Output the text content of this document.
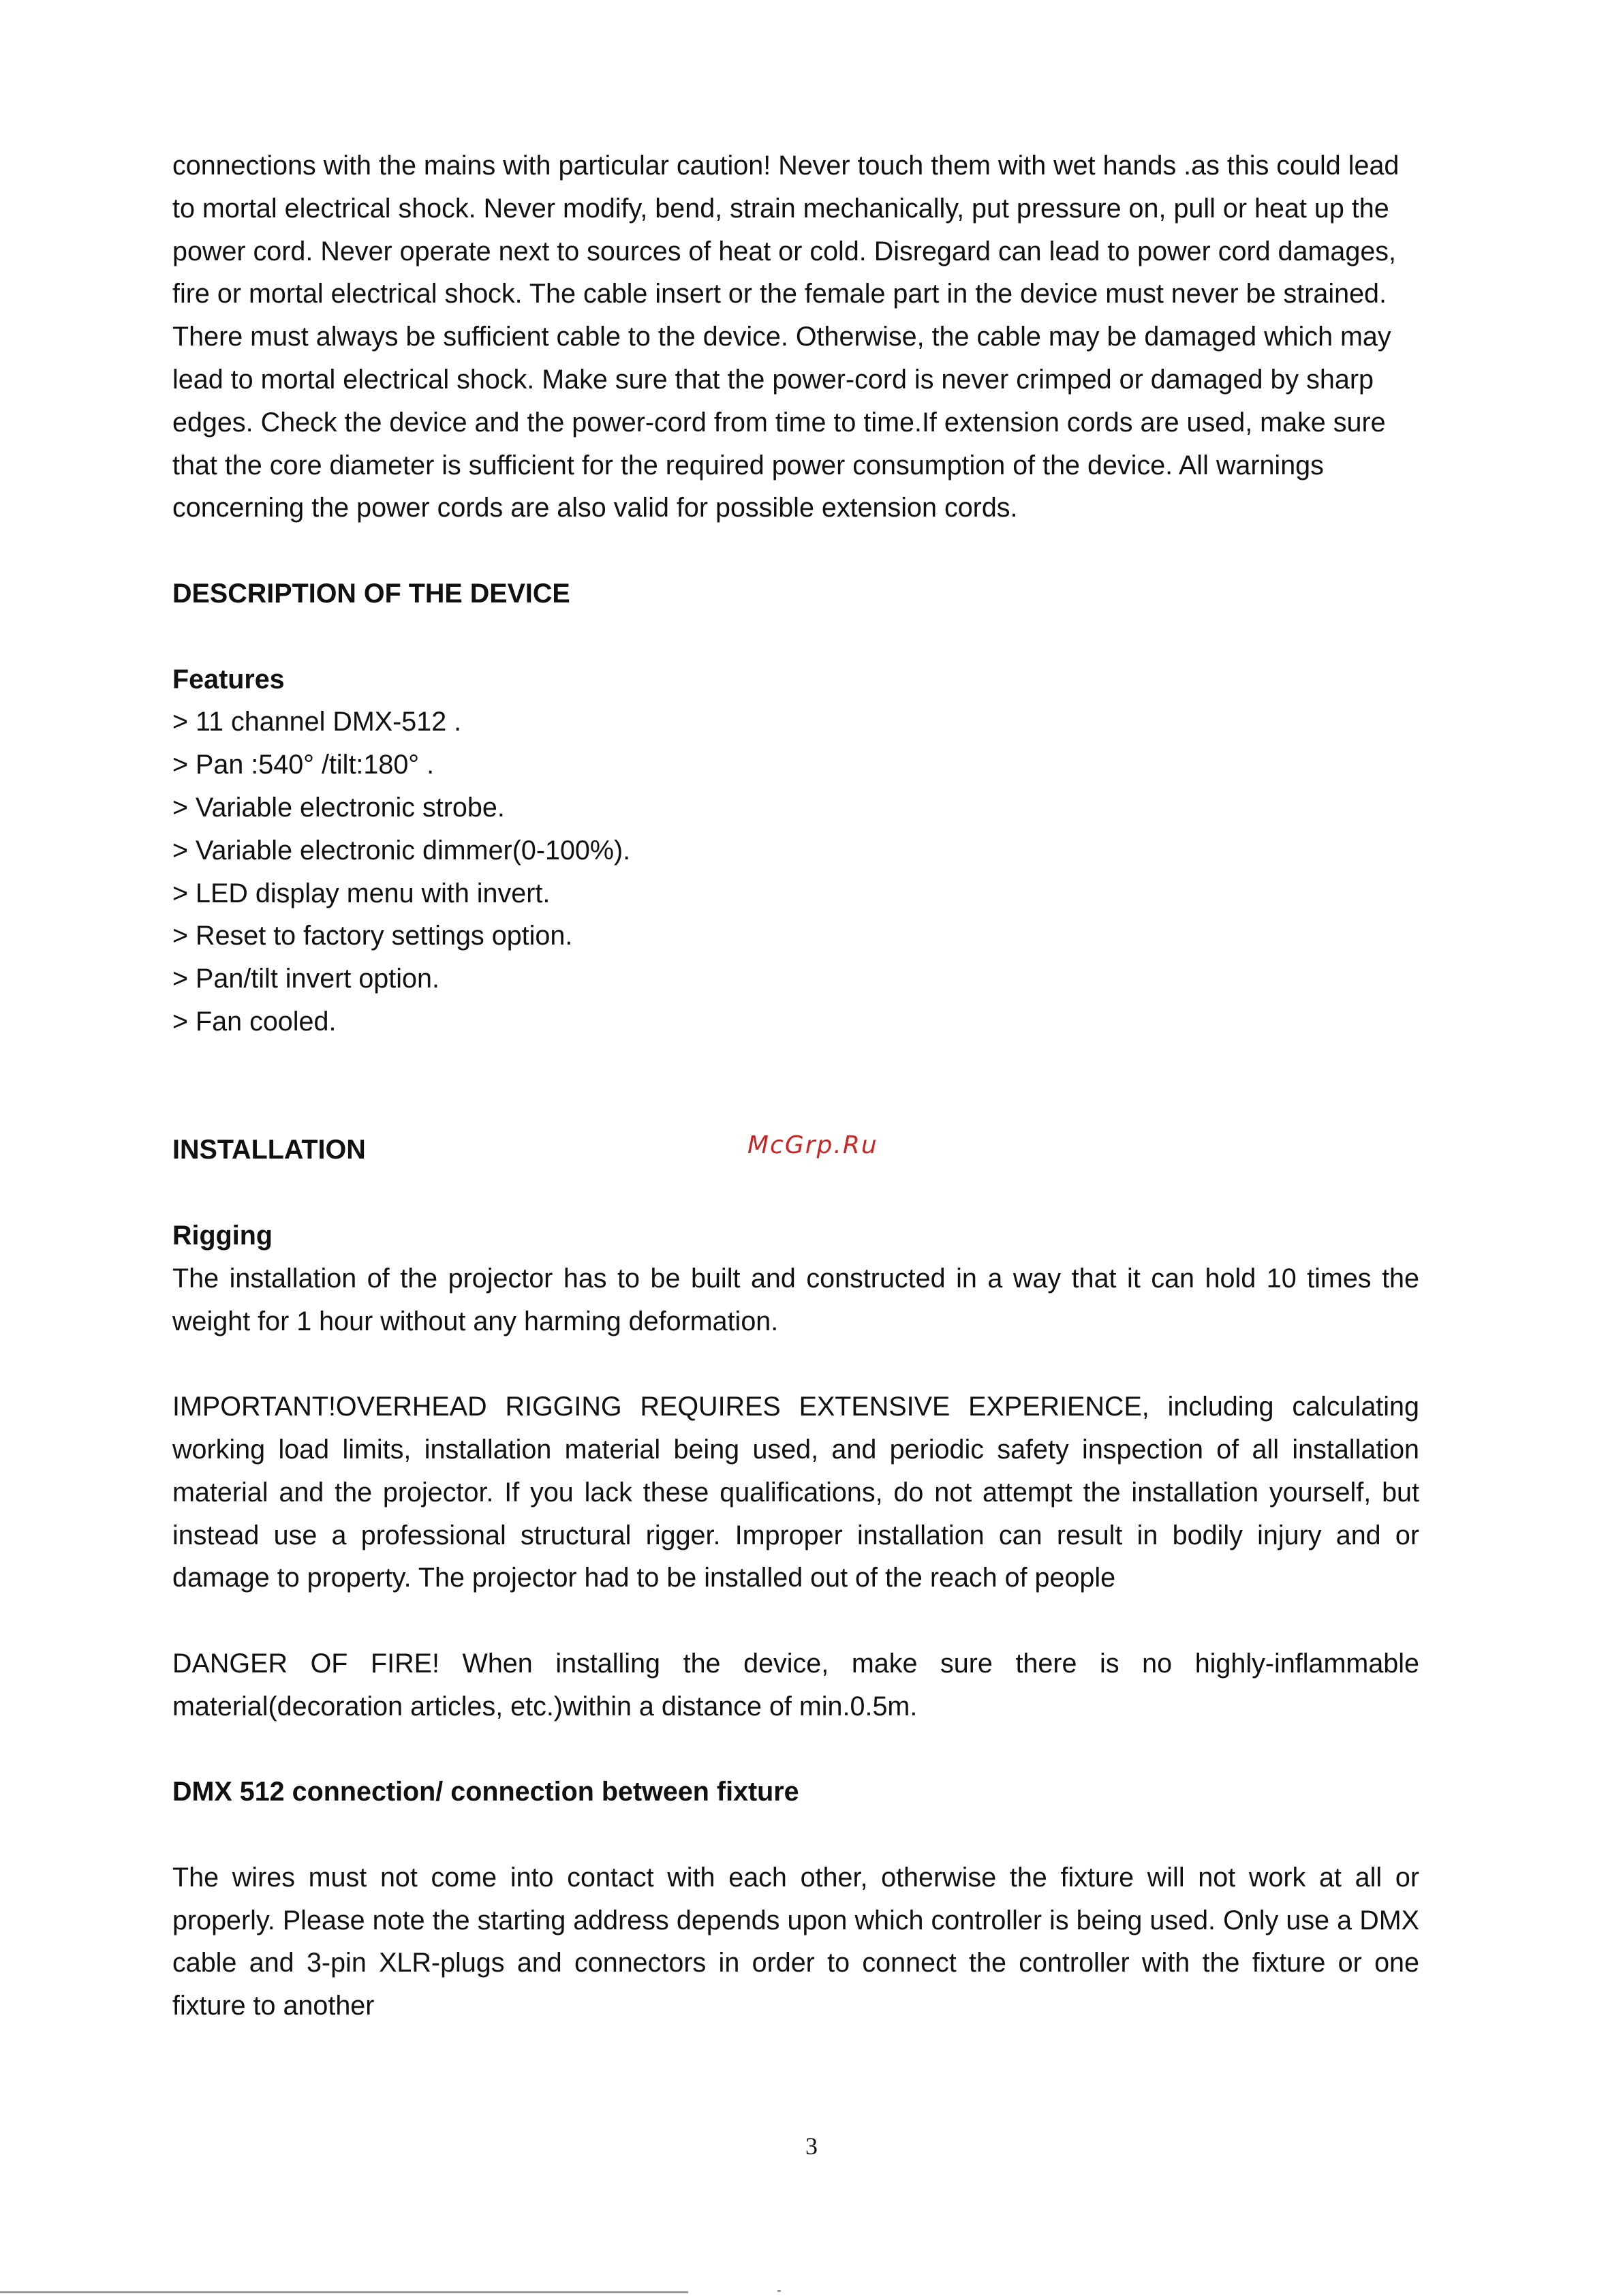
connections with the mains with particular caution! Never touch them with wet hands .as this could lead

to mortal electrical shock. Never modify, bend, strain mechanically, put pressure on, pull or heat up the

power cord. Never operate next to sources of heat or cold. Disregard can lead to power cord damages,

fire or mortal electrical shock. The cable insert or the female part in the device must never be strained.

There must always be sufficient cable to the device. Otherwise, the cable may be damaged which may

lead to mortal electrical shock. Make sure that the power-cord is never crimped or damaged by sharp

edges. Check the device and the power-cord from time to time.If extension cords are used, make sure

that the core diameter is sufficient for the required power consumption of the device. All warnings

concerning the power cords are also valid for possible extension cords.

DESCRIPTION OF THE DEVICE

Features

> 11 channel DMX-512 .
> Pan :540° /tilt:180° .
> Variable electronic strobe.
> Variable electronic dimmer(0-100%).
> LED display menu with invert.
> Reset to factory settings option.
> Pan/tilt invert option.
> Fan cooled.

INSTALLATION

Rigging

The installation of the projector has to be built and constructed in a way that it can hold 10 times the weight for 1 hour without any harming deformation.

IMPORTANT!OVERHEAD RIGGING REQUIRES EXTENSIVE EXPERIENCE, including calculating working load limits, installation material being used, and periodic safety inspection of all installation material and the projector. If you lack these qualifications, do not attempt the installation yourself, but instead use a professional structural rigger. Improper installation can result in bodily injury and or damage to property. The projector had to be installed out of the reach of people

DANGER OF FIRE! When installing the device, make sure there is no highly-inflammable material(decoration articles, etc.)within a distance of min.0.5m.

DMX 512 connection/ connection between fixture

The wires must not come into contact with each other, otherwise the fixture will not work at all or properly. Please note the starting address depends upon which controller is being used. Only use a DMX cable and 3-pin XLR-plugs and connectors in order to connect the controller with the fixture or one fixture to another

McGrp.Ru
3
